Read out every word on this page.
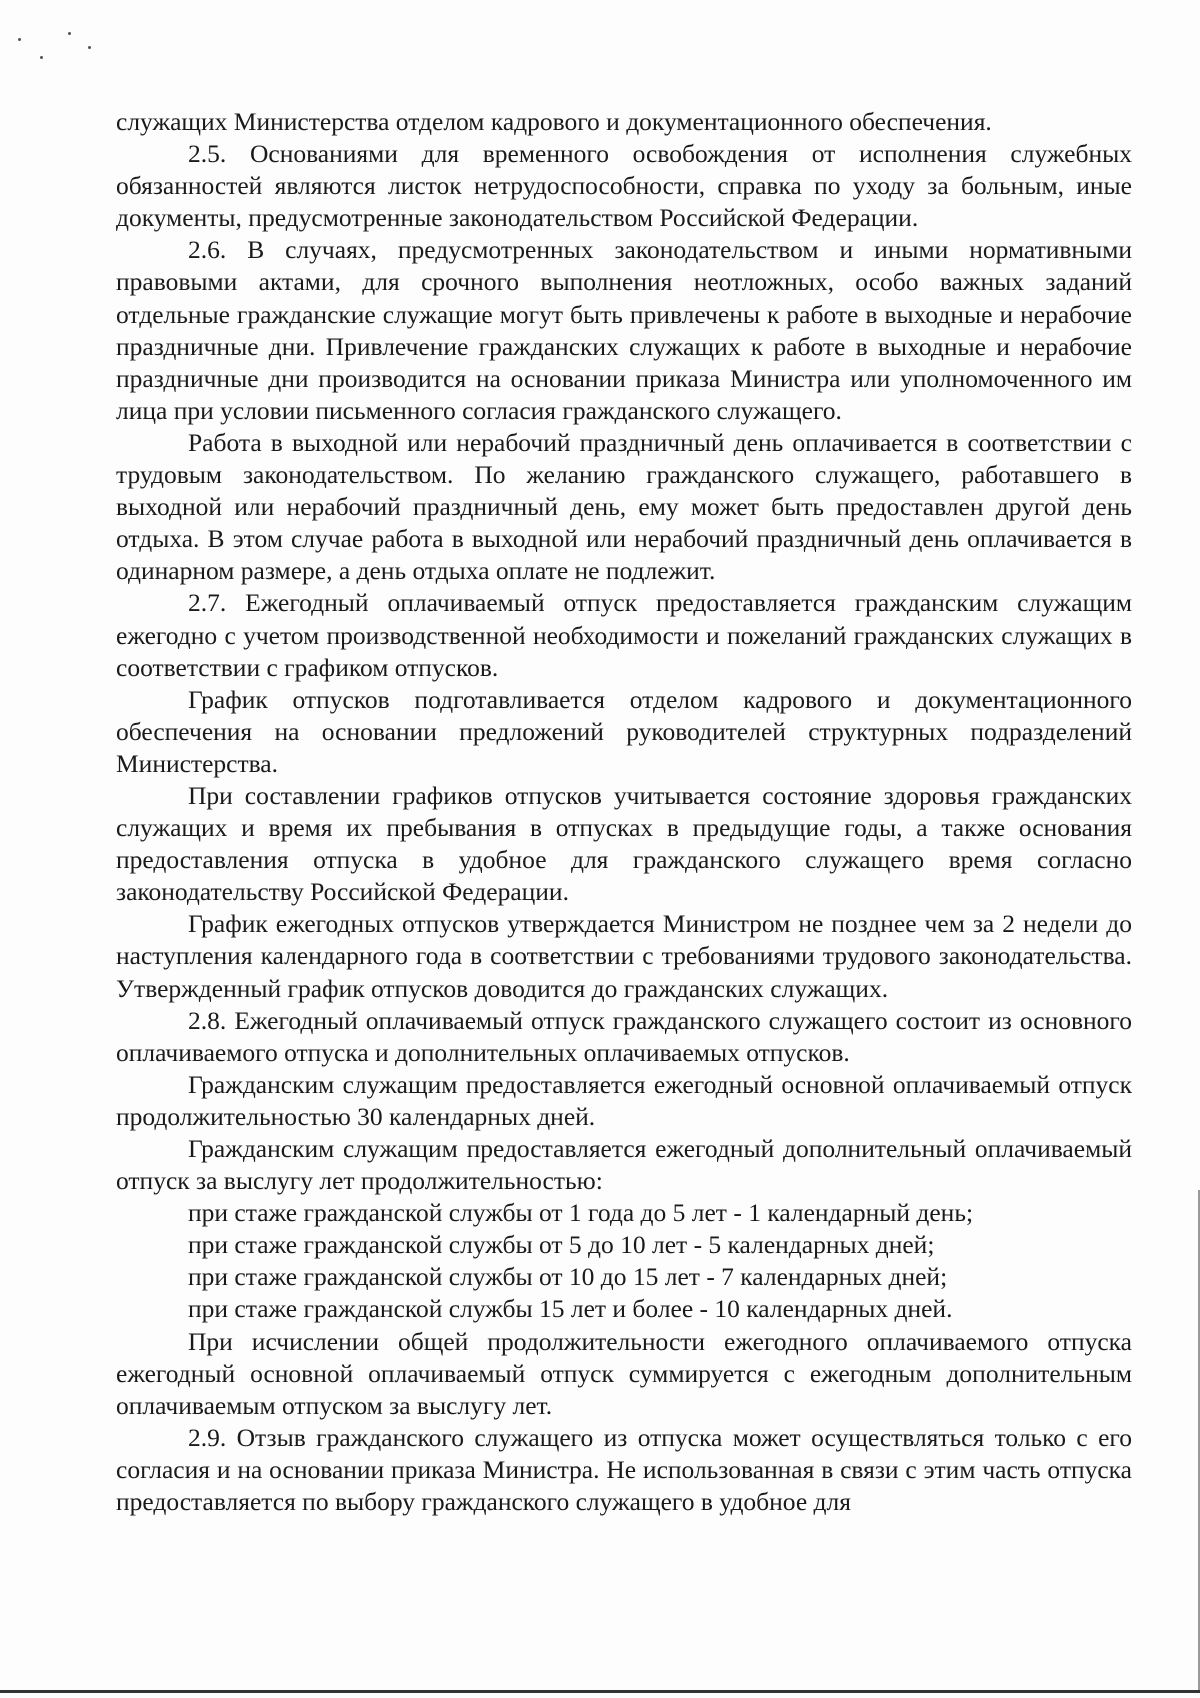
служащих Министерства отделом кадрового и документационного обеспечения.

2.5. Основаниями для временного освобождения от исполнения служебных обязанностей являются листок нетрудоспособности, справка по уходу за больным, иные документы, предусмотренные законодательством Российской Федерации.

2.6. В случаях, предусмотренных законодательством и иными нормативными правовыми актами, для срочного выполнения неотложных, особо важных заданий отдельные гражданские служащие могут быть привлечены к работе в выходные и нерабочие праздничные дни. Привлечение гражданских служащих к работе в выходные и нерабочие праздничные дни производится на основании приказа Министра или уполномоченного им лица при условии письменного согласия гражданского служащего.

Работа в выходной или нерабочий праздничный день оплачивается в соответствии с трудовым законодательством. По желанию гражданского служащего, работавшего в выходной или нерабочий праздничный день, ему может быть предоставлен другой день отдыха. В этом случае работа в выходной или нерабочий праздничный день оплачивается в одинарном размере, а день отдыха оплате не подлежит.

2.7. Ежегодный оплачиваемый отпуск предоставляется гражданским служащим ежегодно с учетом производственной необходимости и пожеланий гражданских служащих в соответствии с графиком отпусков.

График отпусков подготавливается отделом кадрового и документационного обеспечения на основании предложений руководителей структурных подразделений Министерства.

При составлении графиков отпусков учитывается состояние здоровья гражданских служащих и время их пребывания в отпусках в предыдущие годы, а также основания предоставления отпуска в удобное для гражданского служащего время согласно законодательству Российской Федерации.

График ежегодных отпусков утверждается Министром не позднее чем за 2 недели до наступления календарного года в соответствии с требованиями трудового законодательства. Утвержденный график отпусков доводится до гражданских служащих.

2.8. Ежегодный оплачиваемый отпуск гражданского служащего состоит из основного оплачиваемого отпуска и дополнительных оплачиваемых отпусков.

Гражданским служащим предоставляется ежегодный основной оплачиваемый отпуск продолжительностью 30 календарных дней.

Гражданским служащим предоставляется ежегодный дополнительный оплачиваемый отпуск за выслугу лет продолжительностью:

при стаже гражданской службы от 1 года до 5 лет - 1 календарный день;

при стаже гражданской службы от 5 до 10 лет - 5 календарных дней;

при стаже гражданской службы от 10 до 15 лет - 7 календарных дней;

при стаже гражданской службы 15 лет и более - 10 календарных дней.

При исчислении общей продолжительности ежегодного оплачиваемого отпуска ежегодный основной оплачиваемый отпуск суммируется с ежегодным дополнительным оплачиваемым отпуском за выслугу лет.

2.9. Отзыв гражданского служащего из отпуска может осуществляться только с его согласия и на основании приказа Министра. Не использованная в связи с этим часть отпуска предоставляется по выбору гражданского служащего в удобное для
